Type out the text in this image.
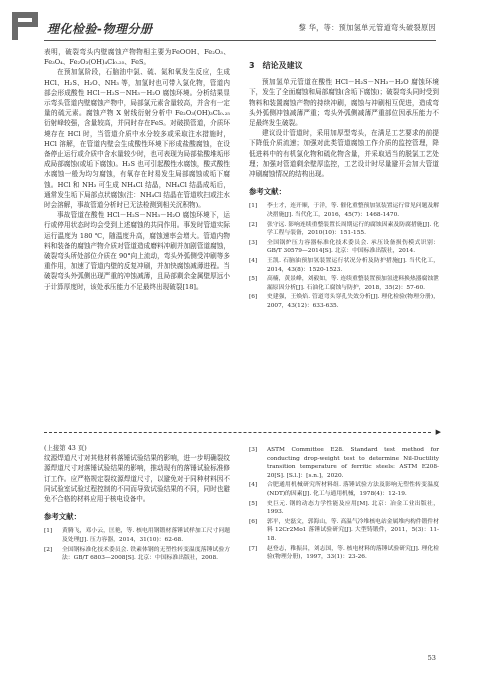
理化检验-物理分册	黎 华，等：预加氢单元管道弯头破裂原因

表明，破裂弯头内壁腐蚀产物物相主要为FeOOH、Fe₂O₃、Fe₃O₄、Fe₂O₃(OH)₄Cl₀.₂₅、FeS。

在预加氢阶段，石脑油中氯、硫、氮和氧发生反应，生成 HCl、H₂S、H₂O、NH₃ 等，加氢时也可带入氯化物，管道内部会形成酸性 HCl－H₂S－NH₃－H₂O 腐蚀环境。分析结果显示弯头管道内壁腐蚀产物中，局部氯元素含量较高，并含有一定量的硫元素。腐蚀产物 X 射线衍射分析中 Fe₂O₃(OH)₃Cl₀.₂₅ 衍射峰较强，含量较高，并同时存在FeS。对破损管道，介质环境存在 HCl 时，当管道介质中水分较多或采取注水措施时，HCl 溶解，在管道内壁会生成酸性环境下形成盐酸腐蚀，在设备停止运行或介质中含水量较少时，也可表现为局部盐酸堆垢形成局部腐蚀(或垢下腐蚀)。H₂S 也可引起酸性水腐蚀，酸式酸性水腐蚀一般为均匀腐蚀，有氧存在时易发生局部腐蚀或垢下腐蚀。HCl 和 NH₃ 可生成 NH₄Cl 结晶，NH₄Cl 结晶成垢后，通常发生垢下局部点状腐蚀(注：NH₄Cl 结晶在管道吹扫或注水时会溶解，事故管道分析时已无法检测到相关沉积物)。

事故管道在酸性 HCl－H₂S－NH₃－H₂O 腐蚀环境下，运行或停用状态时均会受到上述腐蚀的共同作用。事发时管道实际运行温度为 180 ℃，随温度升高，腐蚀速率会增大。管道内物料和装备的腐蚀产物介质对管道造成磨料冲刷并加剧管道腐蚀，破裂弯头所处部位介质在 90°向上流动，弯头外弧侧受冲刷等多重作用，加速了管道内壁的反复冲刷，并加快腐蚀减薄进程。当破裂弯头外弧侧出现严重的冲蚀减薄，且局部剩余金属壁厚远小于计算厚度时，该处承压能力不足最终出现破裂[18]。

3　结论及建议

预加氢单元管道在酸性 HCl－H₂S－NH₃－H₂O 腐蚀环境下，发生了全面腐蚀和局部腐蚀(含垢下腐蚀)；破裂弯头同时受到物料和装置腐蚀产物的持续冲刷，腐蚀与冲刷相互促进，造成弯头外弧侧冲蚀减薄严重；弯头外弧侧减薄严重部位因承压能力不足最终发生破裂。

建议设计管道时，采用加厚型弯头，在满足工艺要求的前提下降低介质流速；加强对此类管道腐蚀工作介质的监控管理，降低进料中的有机氯化物和硫化物含量，并采取适当的脱氯工艺处理；加强对管道剩余壁厚监控，工艺设计时尽量避开会加大管道冲刷腐蚀情况的结构出现。

参考文献：
[1]	李士才，连开顺，于洋，等. 催化重整预加氢装置运行常见问题及解决措施[J]. 当代化工，2016，45(7)：1468-1470.
[2]	张守远. 影响连续重整装置长周期运行的腐蚀因素及防腐措施[J]. 化学工程与装备，2010(10)：151-155.
[3]	全国锅炉压力容器标准化技术委员会. 承压设备损伤模式识别：GB/T 30579—2014[S]. 北京：中国标准出版社，2014.
[4]	王凯. 石脑油预加氢装置运行状况分析及防护措施[J]. 当代化工，2014，43(8)：1520-1523.
[5]	高楠，黄景峰，刘毅如，等. 连续重整装置预加氢进料换热器腐蚀泄漏原因分析[J]. 石油化工腐蚀与防护，2018，35(2)：57-60.
[6]	史建强，王焕焰. 管道弯头穿孔失效分析[J]. 理化检验(物理分册)，2007，43(12)：633-635.
▶
(上接第 43 页)

纹源焊道尺寸对其他材料落锤试验结果的影响，进一步明确裂纹源焊道尺寸对落锤试验结果的影响，推动现有的落锤试验标准修订工作。应严格规定裂纹源焊道尺寸，以避免对于同种材料因不同试验室试验过程控制的不同而导致试验结果的不同，同时也避免不合格的材料应用于核电设备中。

参考文献：
[1]	黄腾飞，邓小云，匡艳，等. 核电用钢锻材落锤试样加工尺寸问题及处理[J]. 压力容器，2014，31(10)：62-68.
[2]	全国钢标准化技术委员会. 铁素体钢的无塑性转变温度落锤试验方法：GB/T 6803—2008[S]. 北京：中国标准出版社，2008.
[3]	ASTM Committee E28. Standard test method for conducting drop-weight test to determine Nil-Ductility transition temperature of ferritic steels: ASTM E208-20[S]. [S.l.]：[s.n.]，2020.
[4]	合肥通用机械研究所材料组. 落锤试验方法及影响无塑性转变温度(NDT)的因素[J]. 化工与通用机械，1978(4)：12-19.
[5]	史巨元. 钢的动态力学性能及应用[M]. 北京：冶金工业出版社，1993.
[6]	郭平，史磊文，郭海山，等. 高温气冷堆核电站金属堆内构件锻件材料 12Cr2Mo1 落锤试验研究[J]. 大型铸锻件，2011，5(3)：11-18.
[7]	赵登志，稚振昌，刘志国，等. 核电材料的落锤试验研究[J]. 理化检验(物理分册)，1997，33(1)：23-26.
53
